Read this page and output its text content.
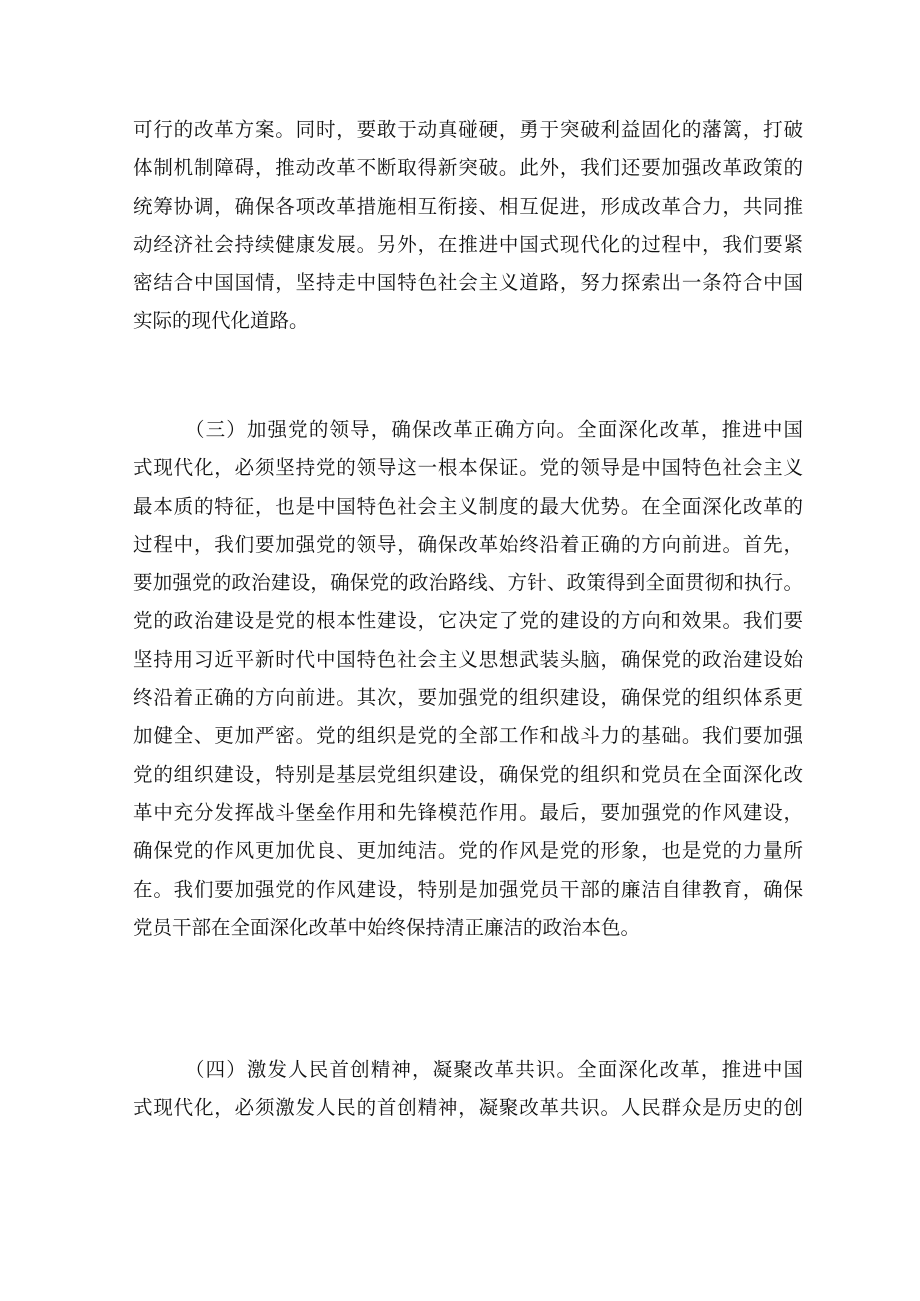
可行的改革方案。同时，要敢于动真碰硬，勇于突破利益固化的藩篱，打破
体制机制障碍，推动改革不断取得新突破。此外，我们还要加强改革政策的
统筹协调，确保各项改革措施相互衔接、相互促进，形成改革合力，共同推
动经济社会持续健康发展。另外，在推进中国式现代化的过程中，我们要紧
密结合中国国情，坚持走中国特色社会主义道路，努力探索出一条符合中国
实际的现代化道路。
（三）加强党的领导，确保改革正确方向。全面深化改革，推进中国
式现代化，必须坚持党的领导这一根本保证。党的领导是中国特色社会主义
最本质的特征，也是中国特色社会主义制度的最大优势。在全面深化改革的
过程中，我们要加强党的领导，确保改革始终沿着正确的方向前进。首先，
要加强党的政治建设，确保党的政治路线、方针、政策得到全面贯彻和执行。
党的政治建设是党的根本性建设，它决定了党的建设的方向和效果。我们要
坚持用习近平新时代中国特色社会主义思想武装头脑，确保党的政治建设始
终沿着正确的方向前进。其次，要加强党的组织建设，确保党的组织体系更
加健全、更加严密。党的组织是党的全部工作和战斗力的基础。我们要加强
党的组织建设，特别是基层党组织建设，确保党的组织和党员在全面深化改
革中充分发挥战斗堡垒作用和先锋模范作用。最后，要加强党的作风建设，
确保党的作风更加优良、更加纯洁。党的作风是党的形象，也是党的力量所
在。我们要加强党的作风建设，特别是加强党员干部的廉洁自律教育，确保
党员干部在全面深化改革中始终保持清正廉洁的政治本色。
（四）激发人民首创精神，凝聚改革共识。全面深化改革，推进中国
式现代化，必须激发人民的首创精神，凝聚改革共识。人民群众是历史的创
